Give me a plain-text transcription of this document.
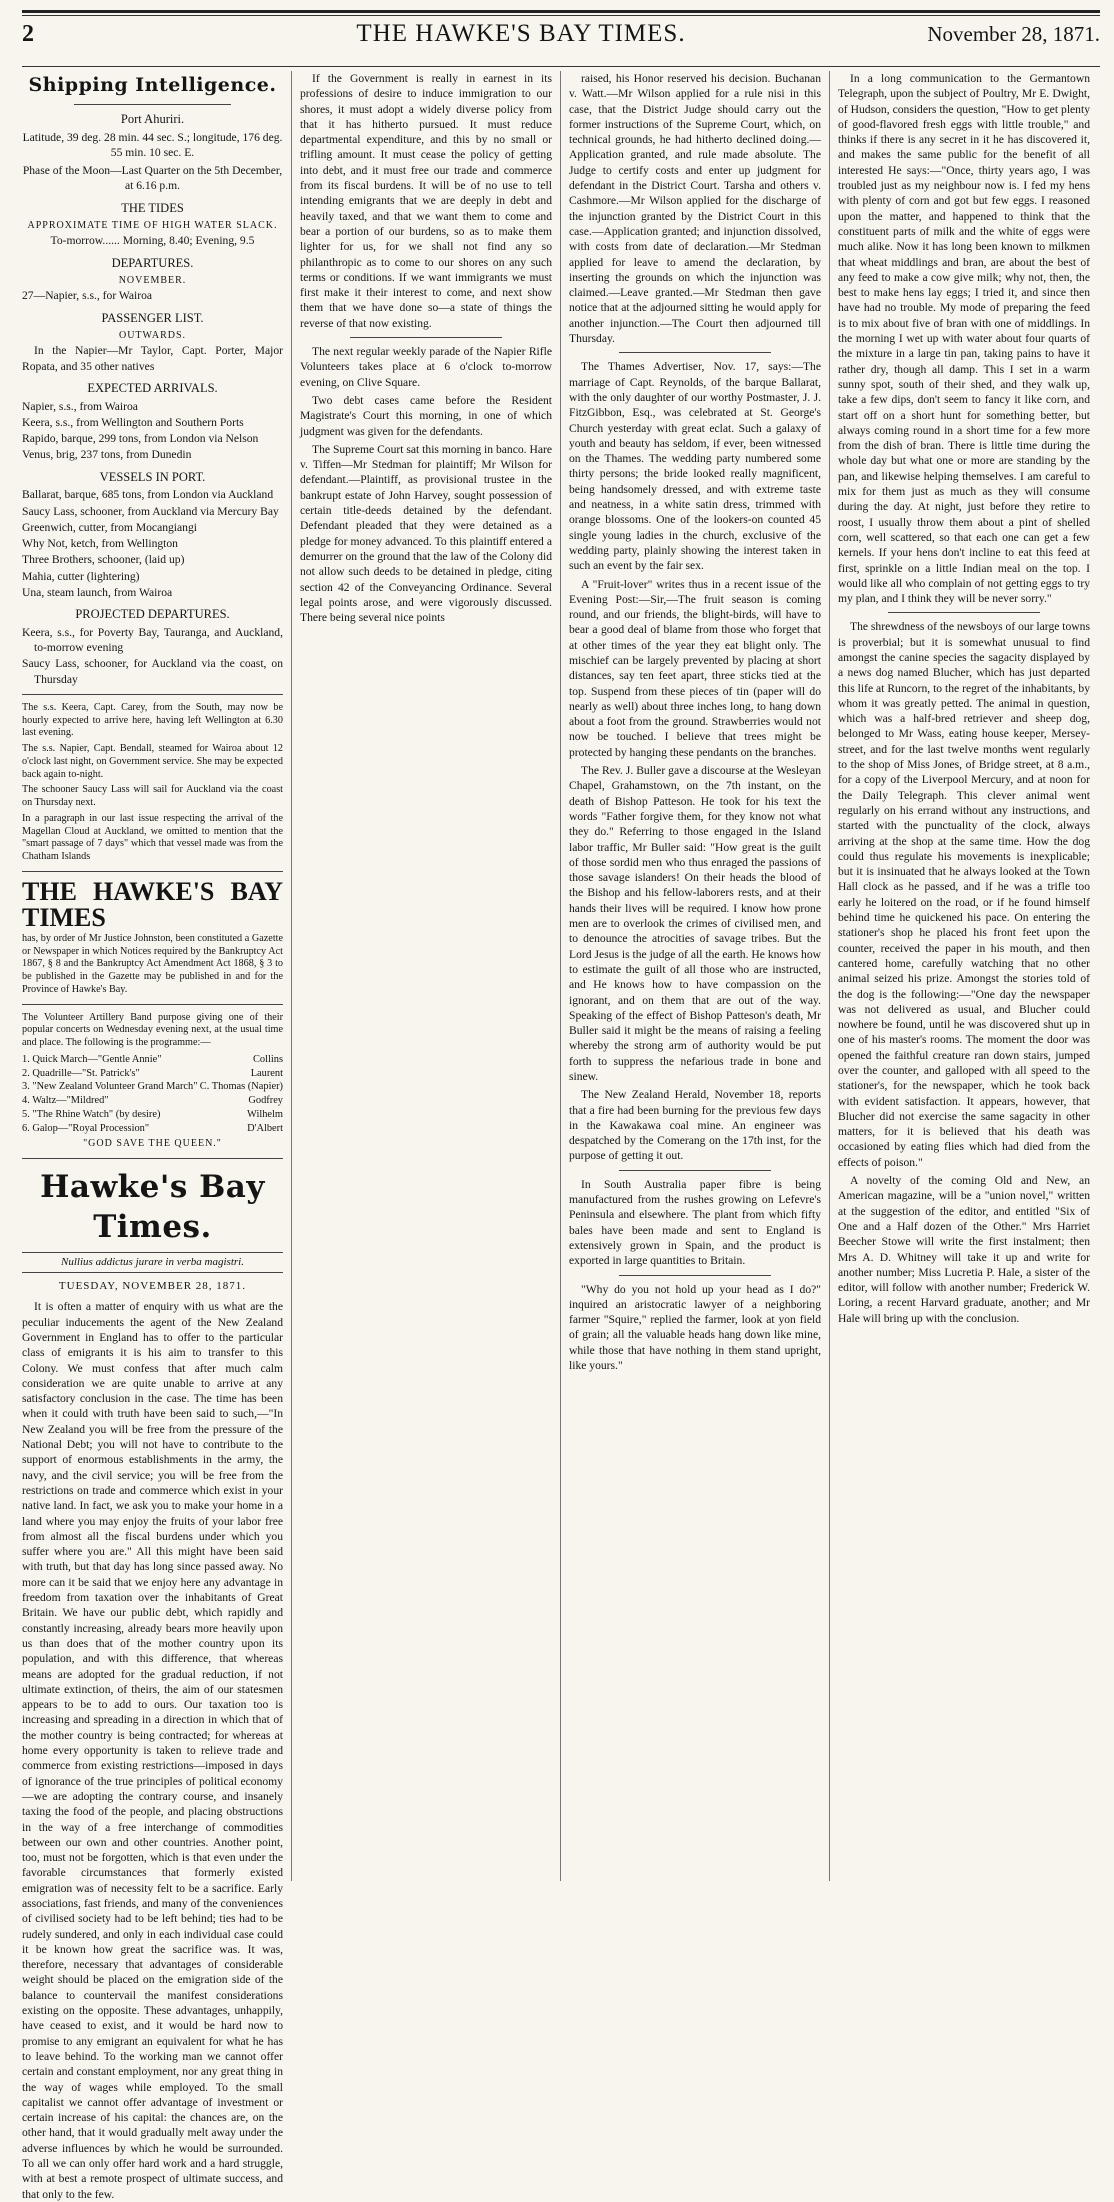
2	THE HAWKE'S BAY TIMES.	November 28, 1871.
Shipping Intelligence.

Port Ahuriri.

Latitude, 39 deg. 28 min. 44 sec. S.; longitude, 176 deg. 55 min. 10 sec. E.

Phase of the Moon—Last Quarter on the 5th December, at 6.16 p.m.

THE TIDES

APPROXIMATE TIME OF HIGH WATER SLACK.

To-morrow...... Morning, 8.40; Evening, 9.5

DEPARTURES.

NOVEMBER.

27—Napier, s.s., for Wairoa

PASSENGER LIST.

OUTWARDS.

In the Napier—Mr Taylor, Capt. Porter, Major Ropata, and 35 other natives

EXPECTED ARRIVALS.

Napier, s.s., from Wairoa

Keera, s.s., from Wellington and Southern Ports

Rapido, barque, 299 tons, from London via Nelson

Venus, brig, 237 tons, from Dunedin

VESSELS IN PORT.

Ballarat, barque, 685 tons, from London via Auckland

Saucy Lass, schooner, from Auckland via Mercury Bay

Greenwich, cutter, from Mocangiangi

Why Not, ketch, from Wellington

Three Brothers, schooner, (laid up)

Mahia, cutter (lightering)

Una, steam launch, from Wairoa

PROJECTED DEPARTURES.

Keera, s.s., for Poverty Bay, Tauranga, and Auckland, to-morrow evening

Saucy Lass, schooner, for Auckland via the coast, on Thursday

The s.s. Keera, Capt. Carey, from the South, may now be hourly expected to arrive here, having left Wellington at 6.30 last evening.

The s.s. Napier, Capt. Bendall, steamed for Wairoa about 12 o'clock last night, on Government service. She may be expected back again to-night.

The schooner Saucy Lass will sail for Auckland via the coast on Thursday next.

In a paragraph in our last issue respecting the arrival of the Magellan Cloud at Auckland, we omitted to mention that the "smart passage of 7 days" which that vessel made was from the Chatham Islands

THE HAWKE'S BAY TIMES

has, by order of Mr Justice Johnston, been constituted a Gazette or Newspaper in which Notices required by the Bankruptcy Act 1867, § 8 and the Bankruptcy Act Amendment Act 1868, § 3 to be published in the Gazette may be published in and for the Province of Hawke's Bay.

The Volunteer Artillery Band purpose giving one of their popular concerts on Wednesday evening next, at the usual time and place. The following is the programme:—

1. Quick March—"Gentle Annie"	Collins
2. Quadrille—"St. Patrick's"	Laurent
3. "New Zealand Volunteer Grand March" C. Thomas (Napier)
4. Waltz—"Mildred"	Godfrey
5. "The Rhine Watch" (by desire)	Wilhelm
6. Galop—"Royal Procession"	D'Albert

"GOD SAVE THE QUEEN."

Hawke's Bay Times.

Nullius addictus jurare in verba magistri.

TUESDAY, NOVEMBER 28, 1871.

It is often a matter of enquiry with us what are the peculiar inducements the agent of the New Zealand Government in England has to offer to the particular class of emigrants it is his aim to transfer to this Colony. We must confess that after much calm consideration we are quite unable to arrive at any satisfactory conclusion in the case. The time has been when it could with truth have been said to such,—"In New Zealand you will be free from the pressure of the National Debt; you will not have to contribute to the support of enormous establishments in the army, the navy, and the civil service; you will be free from the restrictions on trade and commerce which exist in your native land. In fact, we ask you to make your home in a land where you may enjoy the fruits of your labor free from almost all the fiscal burdens under which you suffer where you are." All this might have been said with truth, but that day has long since passed away. No more can it be said that we enjoy here any advantage in freedom from taxation over the inhabitants of Great Britain. We have our public debt, which rapidly and constantly increasing, already bears more heavily upon us than does that of the mother country upon its population, and with this difference, that whereas means are adopted for the gradual reduction, if not ultimate extinction, of theirs, the aim of our statesmen appears to be to add to ours. Our taxation too is increasing and spreading in a direction in which that of the mother country is being contracted; for whereas at home every opportunity is taken to relieve trade and commerce from existing restrictions—imposed in days of ignorance of the true principles of political economy—we are adopting the contrary course, and insanely taxing the food of the people, and placing obstructions in the way of a free interchange of commodities between our own and other countries. Another point, too, must not be forgotten, which is that even under the favorable circumstances that formerly existed emigration was of necessity felt to be a sacrifice. Early associations, fast friends, and many of the conveniences of civilised society had to be left behind; ties had to be rudely sundered, and only in each individual case could it be known how great the sacrifice was. It was, therefore, necessary that advantages of considerable weight should be placed on the emigration side of the balance to countervail the manifest considerations existing on the opposite. These advantages, unhappily, have ceased to exist, and it would be hard now to promise to any emigrant an equivalent for what he has to leave behind. To the working man we cannot offer certain and constant employment, nor any great thing in the way of wages while employed. To the small capitalist we cannot offer advantage of investment or certain increase of his capital: the chances are, on the other hand, that it would gradually melt away under the adverse influences by which he would be surrounded. To all we can only offer hard work and a hard struggle, with at best a remote prospect of ultimate success, and that only to the few.

If the Government is really in earnest in its professions of desire to induce immigration to our shores, it must adopt a widely diverse policy from that it has hitherto pursued. It must reduce departmental expenditure, and this by no small or trifling amount. It must cease the policy of getting into debt, and it must free our trade and commerce from its fiscal burdens. It will be of no use to tell intending emigrants that we are deeply in debt and heavily taxed, and that we want them to come and bear a portion of our burdens, so as to make them lighter for us, for we shall not find any so philanthropic as to come to our shores on any such terms or conditions. If we want immigrants we must first make it their interest to come, and next show them that we have done so—a state of things the reverse of that now existing.

The next regular weekly parade of the Napier Rifle Volunteers takes place at 6 o'clock to-morrow evening, on Clive Square.

Two debt cases came before the Resident Magistrate's Court this morning, in one of which judgment was given for the defendants.

The Supreme Court sat this morning in banco. Hare v. Tiffen—Mr Stedman for plaintiff; Mr Wilson for defendant.—Plaintiff, as provisional trustee in the bankrupt estate of John Harvey, sought possession of certain title-deeds detained by the defendant. Defendant pleaded that they were detained as a pledge for money advanced. To this plaintiff entered a demurrer on the ground that the law of the Colony did not allow such deeds to be detained in pledge, citing section 42 of the Conveyancing Ordinance. Several legal points arose, and were vigorously discussed. There being several nice points

raised, his Honor reserved his decision. Buchanan v. Watt.—Mr Wilson applied for a rule nisi in this case, that the District Judge should carry out the former instructions of the Supreme Court, which, on technical grounds, he had hitherto declined doing.—Application granted, and rule made absolute. The Judge to certify costs and enter up judgment for defendant in the District Court. Tarsha and others v. Cashmore.—Mr Wilson applied for the discharge of the injunction granted by the District Court in this case.—Application granted; and injunction dissolved, with costs from date of declaration.—Mr Stedman applied for leave to amend the declaration, by inserting the grounds on which the injunction was claimed.—Leave granted.—Mr Stedman then gave notice that at the adjourned sitting he would apply for another injunction.—The Court then adjourned till Thursday.

The Thames Advertiser, Nov. 17, says:—The marriage of Capt. Reynolds, of the barque Ballarat, with the only daughter of our worthy Postmaster, J. J. FitzGibbon, Esq., was celebrated at St. George's Church yesterday with great eclat. Such a galaxy of youth and beauty has seldom, if ever, been witnessed on the Thames. The wedding party numbered some thirty persons; the bride looked really magnificent, being handsomely dressed, and with extreme taste and neatness, in a white satin dress, trimmed with orange blossoms. One of the lookers-on counted 45 single young ladies in the church, exclusive of the wedding party, plainly showing the interest taken in such an event by the fair sex.

A "Fruit-lover" writes thus in a recent issue of the Evening Post:—Sir,—The fruit season is coming round, and our friends, the blight-birds, will have to bear a good deal of blame from those who forget that at other times of the year they eat blight only. The mischief can be largely prevented by placing at short distances, say ten feet apart, three sticks tied at the top. Suspend from these pieces of tin (paper will do nearly as well) about three inches long, to hang down about a foot from the ground. Strawberries would not now be touched. I believe that trees might be protected by hanging these pendants on the branches.

The Rev. J. Buller gave a discourse at the Wesleyan Chapel, Grahamstown, on the 7th instant, on the death of Bishop Patteson. He took for his text the words "Father forgive them, for they know not what they do." Referring to those engaged in the Island labor traffic, Mr Buller said: "How great is the guilt of those sordid men who thus enraged the passions of those savage islanders! On their heads the blood of the Bishop and his fellow-laborers rests, and at their hands their lives will be required. I know how prone men are to overlook the crimes of civilised men, and to denounce the atrocities of savage tribes. But the Lord Jesus is the judge of all the earth. He knows how to estimate the guilt of all those who are instructed, and He knows how to have compassion on the ignorant, and on them that are out of the way. Speaking of the effect of Bishop Patteson's death, Mr Buller said it might be the means of raising a feeling whereby the strong arm of authority would be put forth to suppress the nefarious trade in bone and sinew.

The New Zealand Herald, November 18, reports that a fire had been burning for the previous few days in the Kawakawa coal mine. An engineer was despatched by the Comerang on the 17th inst, for the purpose of getting it out.

In South Australia paper fibre is being manufactured from the rushes growing on Lefevre's Peninsula and elsewhere. The plant from which fifty bales have been made and sent to England is extensively grown in Spain, and the product is exported in large quantities to Britain.

"Why do you not hold up your head as I do?" inquired an aristocratic lawyer of a neighboring farmer "Squire," replied the farmer, look at yon field of grain; all the valuable heads hang down like mine, while those that have nothing in them stand upright, like yours."

In a long communication to the Germantown Telegraph, upon the subject of Poultry, Mr E. Dwight, of Hudson, considers the question, "How to get plenty of good-flavored fresh eggs with little trouble," and thinks if there is any secret in it he has discovered it, and makes the same public for the benefit of all interested He says:—"Once, thirty years ago, I was troubled just as my neighbour now is. I fed my hens with plenty of corn and got but few eggs. I reasoned upon the matter, and happened to think that the constituent parts of milk and the white of eggs were much alike. Now it has long been known to milkmen that wheat middlings and bran, are about the best of any feed to make a cow give milk; why not, then, the best to make hens lay eggs; I tried it, and since then have had no trouble. My mode of preparing the feed is to mix about five of bran with one of middlings. In the morning I wet up with water about four quarts of the mixture in a large tin pan, taking pains to have it rather dry, though all damp. This I set in a warm sunny spot, south of their shed, and they walk up, take a few dips, don't seem to fancy it like corn, and start off on a short hunt for something better, but always coming round in a short time for a few more from the dish of bran. There is little time during the whole day but what one or more are standing by the pan, and likewise helping themselves. I am careful to mix for them just as much as they will consume during the day. At night, just before they retire to roost, I usually throw them about a pint of shelled corn, well scattered, so that each one can get a few kernels. If your hens don't incline to eat this feed at first, sprinkle on a little Indian meal on the top. I would like all who complain of not getting eggs to try my plan, and I think they will be never sorry."

The shrewdness of the newsboys of our large towns is proverbial; but it is somewhat unusual to find amongst the canine species the sagacity displayed by a news dog named Blucher, which has just departed this life at Runcorn, to the regret of the inhabitants, by whom it was greatly petted. The animal in question, which was a half-bred retriever and sheep dog, belonged to Mr Wass, eating house keeper, Mersey-street, and for the last twelve months went regularly to the shop of Miss Jones, of Bridge street, at 8 a.m., for a copy of the Liverpool Mercury, and at noon for the Daily Telegraph. This clever animal went regularly on his errand without any instructions, and started with the punctuality of the clock, always arriving at the shop at the same time. How the dog could thus regulate his movements is inexplicable; but it is insinuated that he always looked at the Town Hall clock as he passed, and if he was a trifle too early he loitered on the road, or if he found himself behind time he quickened his pace. On entering the stationer's shop he placed his front feet upon the counter, received the paper in his mouth, and then cantered home, carefully watching that no other animal seized his prize. Amongst the stories told of the dog is the following:—"One day the newspaper was not delivered as usual, and Blucher could nowhere be found, until he was discovered shut up in one of his master's rooms. The moment the door was opened the faithful creature ran down stairs, jumped over the counter, and galloped with all speed to the stationer's, for the newspaper, which he took back with evident satisfaction. It appears, however, that Blucher did not exercise the same sagacity in other matters, for it is believed that his death was occasioned by eating flies which had died from the effects of poison."

A novelty of the coming Old and New, an American magazine, will be a "union novel," written at the suggestion of the editor, and entitled "Six of One and a Half dozen of the Other." Mrs Harriet Beecher Stowe will write the first instalment; then Mrs A. D. Whitney will take it up and write for another number; Miss Lucretia P. Hale, a sister of the editor, will follow with another number; Frederick W. Loring, a recent Harvard graduate, another; and Mr Hale will bring up with the conclusion.
